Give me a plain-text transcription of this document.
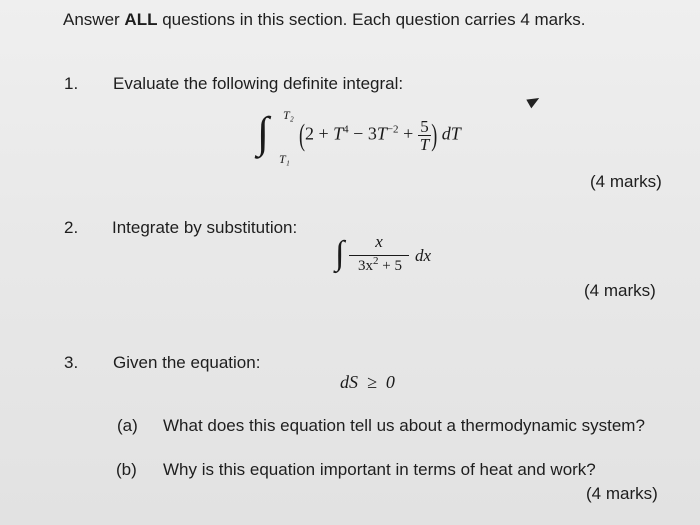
Answer ALL questions in this section. Each question carries 4 marks.
1. Evaluate the following definite integral:
∫ T₂
T₁
($2 + T^4 - 3T^{-2} + \frac{5}{T}$ ) dT
(4 marks)
2. Integrate by substitution:
∫	x
$3x^2 + 5$
dx
(4 marks)
3. Given the equation:
dS  ≥  0
(a) What does this equation tell us about a thermodynamic system?
(b) Why is this equation important in terms of heat and work?
(4 marks)
